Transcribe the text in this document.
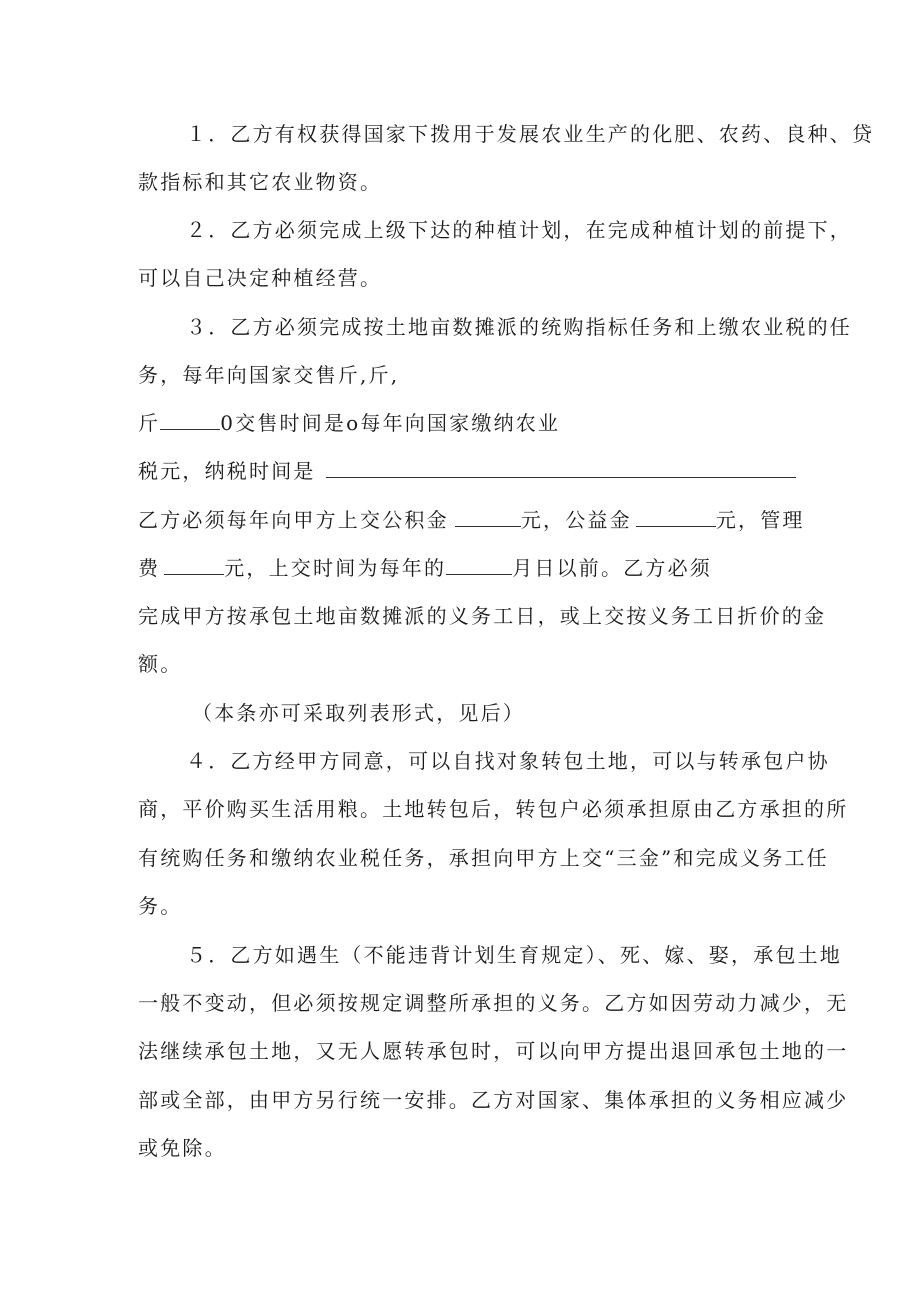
１．乙方有权获得国家下拨用于发展农业生产的化肥、农药、良种、贷
款指标和其它农业物资。
２．乙方必须完成上级下达的种植计划，在完成种植计划的前提下，
可以自己决定种植经营。
３．乙方必须完成按土地亩数摊派的统购指标任务和上缴农业税的任
务，每年向国家交售斤,斤,
斤	0交售时间是o每年向国家缴纳农业
税元，纳税时间是
乙方必须每年向甲方上交公积金	元，公益金	元，管理
费	元，上交时间为每年的	月日以前。乙方必须
完成甲方按承包土地亩数摊派的义务工日，或上交按义务工日折价的金
额。
（本条亦可采取列表形式，见后）
４．乙方经甲方同意，可以自找对象转包土地，可以与转承包户协
商，平价购买生活用粮。土地转包后，转包户必须承担原由乙方承担的所
有统购任务和缴纳农业税任务，承担向甲方上交“三金”和完成义务工任
务。
５．乙方如遇生（不能违背计划生育规定）、死、嫁、娶，承包土地
一般不变动，但必须按规定调整所承担的义务。乙方如因劳动力减少，无
法继续承包土地，又无人愿转承包时，可以向甲方提出退回承包土地的一
部或全部，由甲方另行统一安排。乙方对国家、集体承担的义务相应减少
或免除。
